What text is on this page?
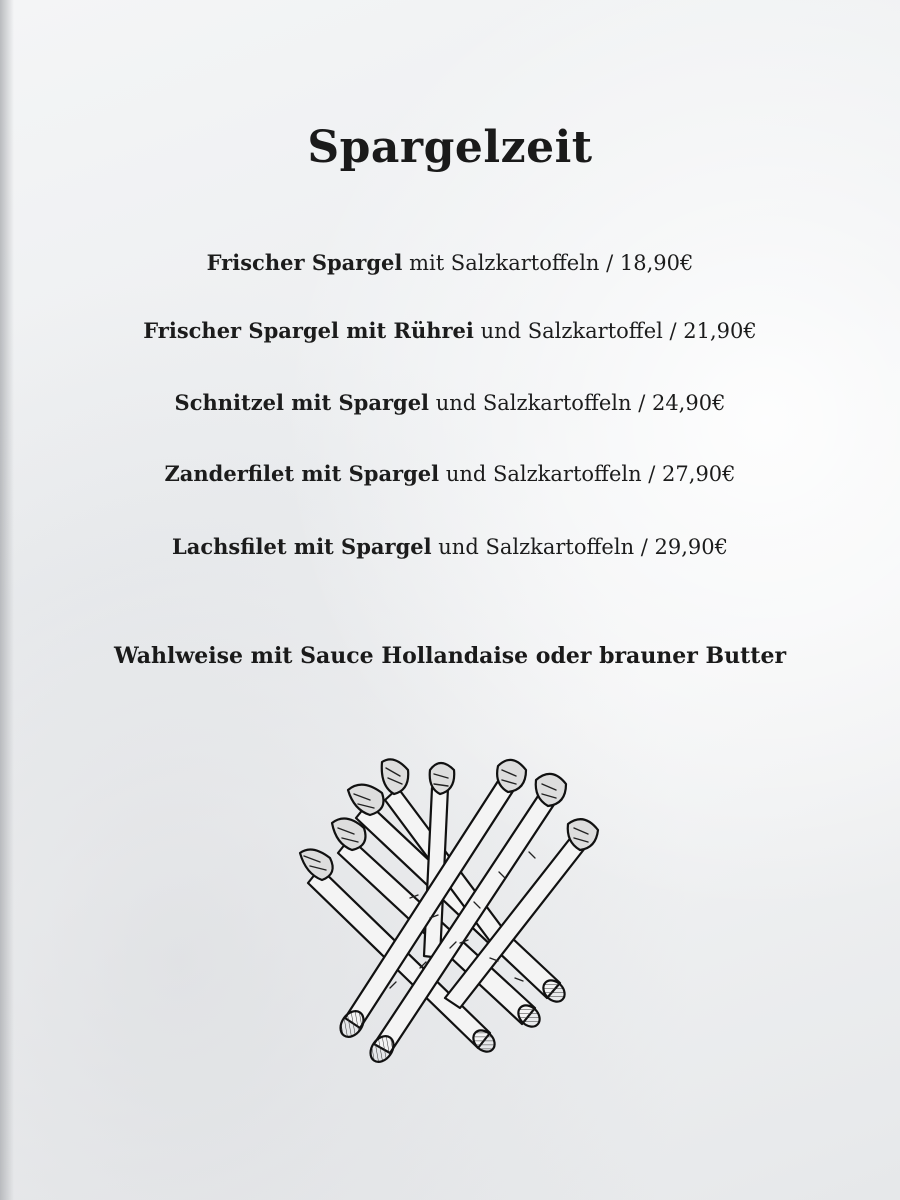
Spargelzeit
Frischer Spargel mit Salzkartoffeln / 18,90€
Frischer Spargel mit Rührei und Salzkartoffel / 21,90€
Schnitzel mit Spargel und Salzkartoffeln / 24,90€
Zanderfilet mit Spargel und Salzkartoffeln / 27,90€
Lachsfilet mit Spargel und Salzkartoffeln / 29,90€
Wahlweise mit Sauce Hollandaise oder brauner Butter
